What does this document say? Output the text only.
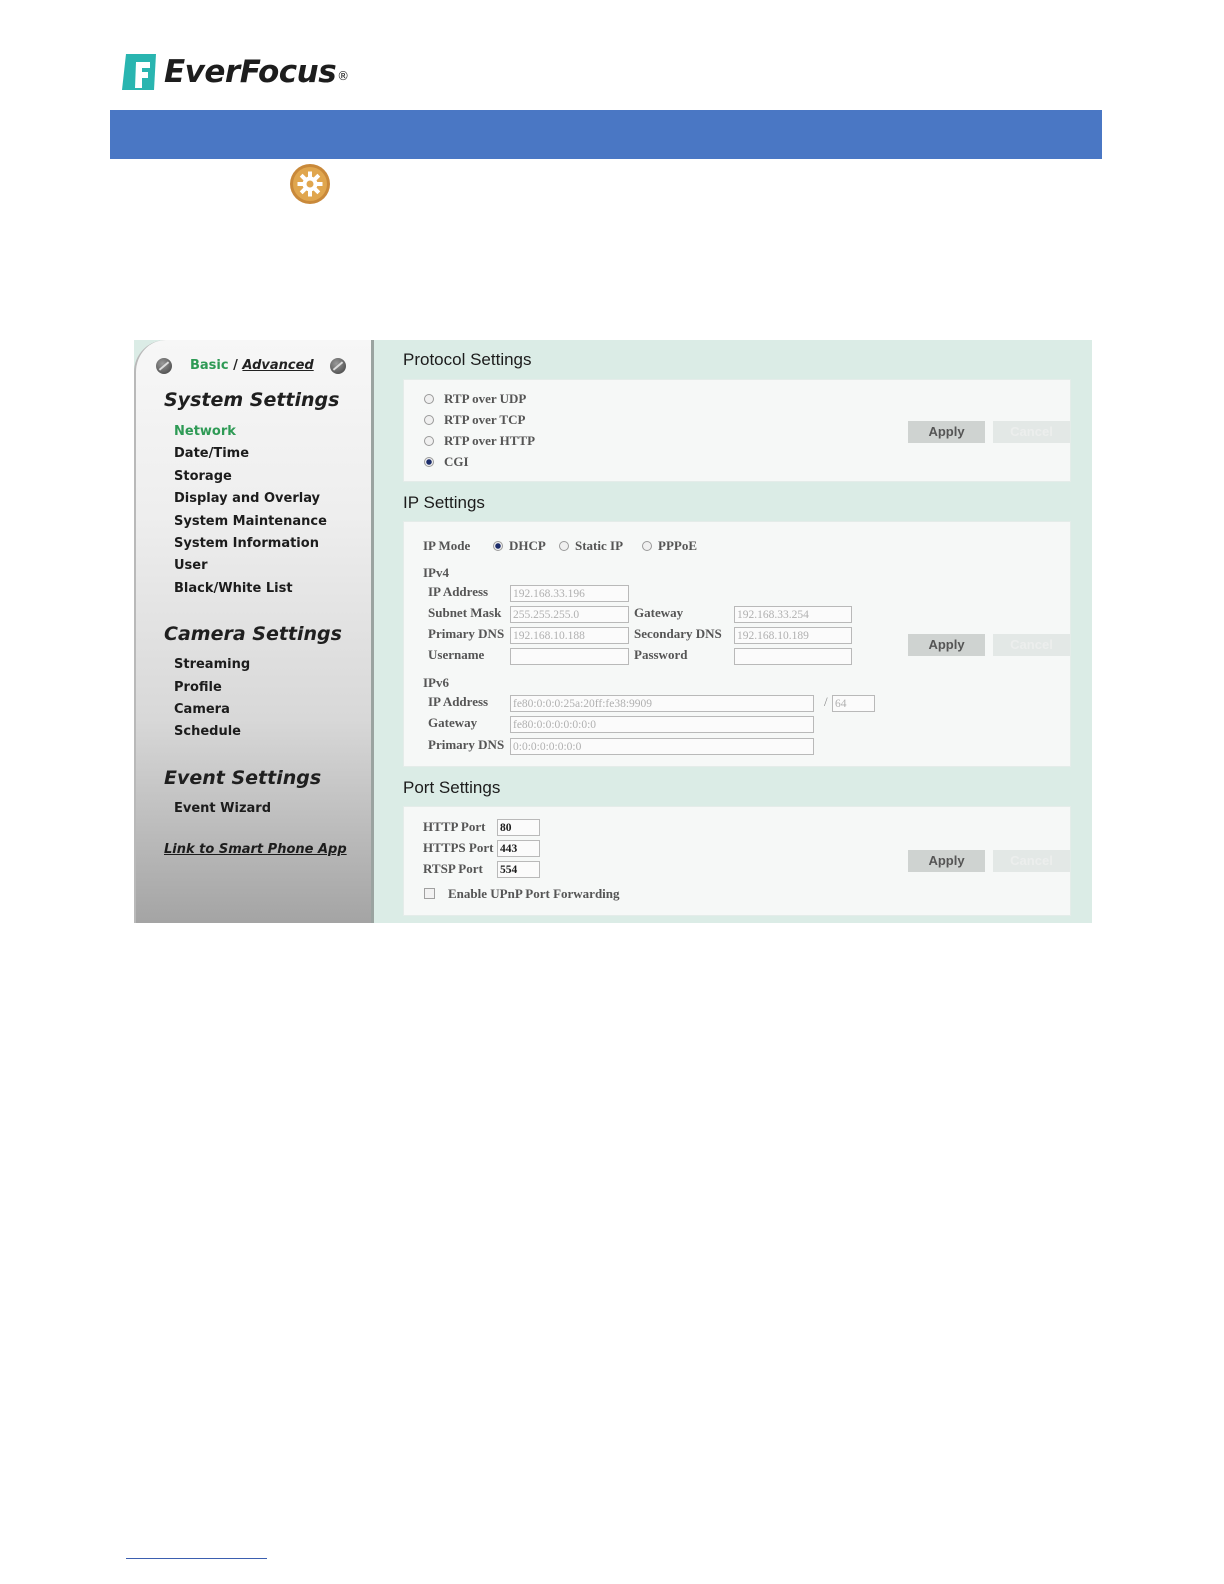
EverFocus ®
Basic / Advanced
System Settings
Network
Date/Time
Storage
Display and Overlay
System Maintenance
System Information
User
Black/White List
Camera Settings
Streaming
Profile
Camera
Schedule
Event Settings
Event Wizard
Link to Smart Phone App
Protocol Settings
RTP over UDP
RTP over TCP
RTP over HTTP
CGI
Apply	Cancel
IP Settings
IP Mode	DHCP Static IP	PPPoE
IPv4
IP Address 192.168.33.196
Subnet Mask 255.255.255.0	Gateway	192.168.33.254
Primary DNS 192.168.10.188	Secondary DNS 192.168.10.189
Username	Password
IPv6
IP Address fe80:0:0:0:25a:20ff:fe38:9909	/ 64
Gateway	fe80:0:0:0:0:0:0:0
Primary DNS 0:0:0:0:0:0:0:0
Apply	Cancel
Port Settings
HTTP Port 80
HTTPS Port 443
RTSP Port 554
Enable UPnP Port Forwarding
Apply	Cancel
